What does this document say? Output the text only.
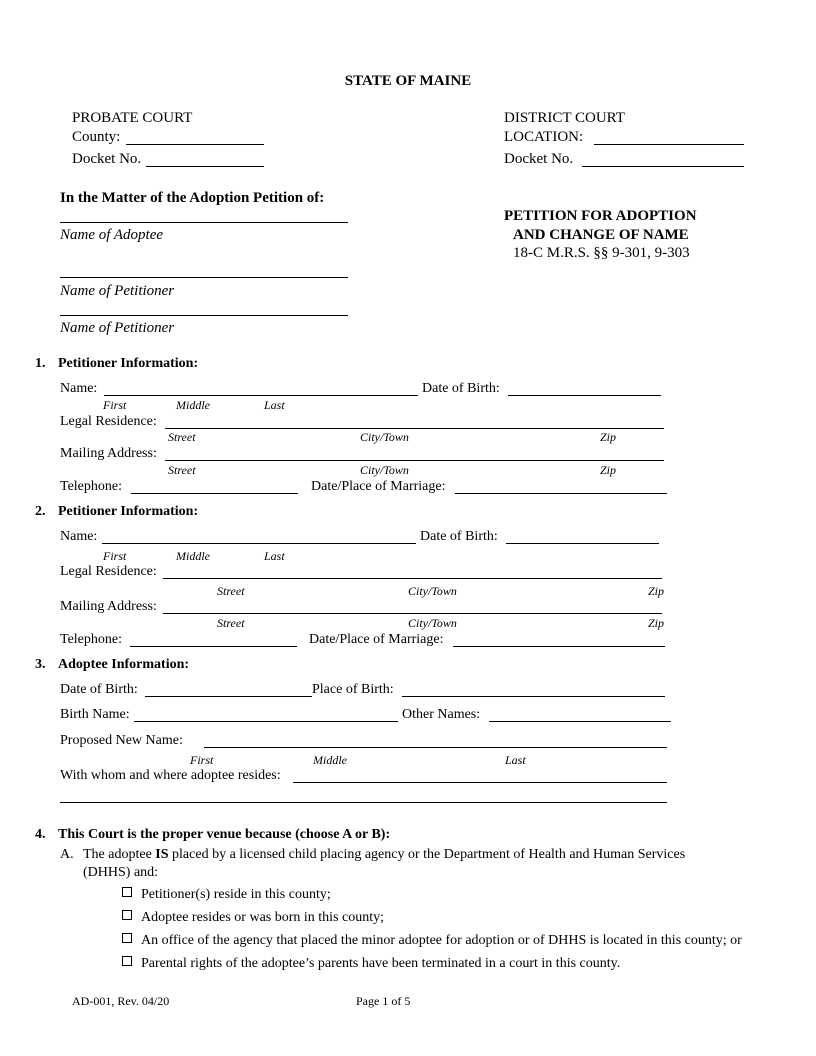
STATE OF MAINE
PROBATE COURT
County:
Docket No.
DISTRICT COURT
LOCATION:
Docket No.
In the Matter of the Adoption Petition of:
Name of Adoptee
Name of Petitioner
Name of Petitioner
PETITION FOR ADOPTION
AND CHANGE OF NAME
18-C M.R.S. §§ 9-301, 9-303
1. Petitioner Information:
Name:	Date of Birth:
First	Middle	Last
Legal Residence:
Street	City/Town	Zip
Mailing Address:
Street	City/Town	Zip
Telephone:	Date/Place of Marriage:
2. Petitioner Information:
Name:	Date of Birth:
First	Middle	Last
Legal Residence:
Street	City/Town	Zip
Mailing Address:
Street	City/Town	Zip
Telephone:	Date/Place of Marriage:
3. Adoptee Information:
Date of Birth:	Place of Birth:
Birth Name:	Other Names:
Proposed New Name:
First	Middle	Last
With whom and where adoptee resides:
4. This Court is the proper venue because (choose A or B):
A. The adoptee IS placed by a licensed child placing agency or the Department of Health and Human Services
(DHHS) and:
Petitioner(s) reside in this county;
Adoptee resides or was born in this county;
An office of the agency that placed the minor adoptee for adoption or of DHHS is located in this county; or
Parental rights of the adoptee’s parents have been terminated in a court in this county.
AD-001, Rev. 04/20	Page 1 of 5
